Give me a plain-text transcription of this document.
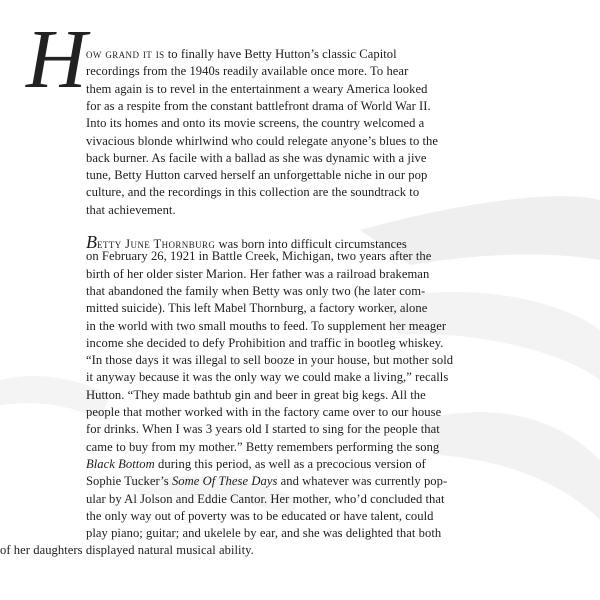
H ow grand it is to finally have Betty Hutton’s classic Capitol
recordings from the 1940s readily available once more. To hear
them again is to revel in the entertainment a weary America looked
for as a respite from the constant battlefront drama of World War II.
Into its homes and onto its movie screens, the country welcomed a
vivacious blonde whirlwind who could relegate anyone’s blues to the
back burner. As facile with a ballad as she was dynamic with a jive
tune, Betty Hutton carved herself an unforgettable niche in our pop
culture, and the recordings in this collection are the soundtrack to
that achievement.
Betty June Thornburg was born into difficult circumstances
on February 26, 1921 in Battle Creek, Michigan, two years after the
birth of her older sister Marion. Her father was a railroad brakeman
that abandoned the family when Betty was only two (he later com-
mitted suicide). This left Mabel Thornburg, a factory worker, alone
in the world with two small mouths to feed. To supplement her meager
income she decided to defy Prohibition and traffic in bootleg whiskey.
“In those days it was illegal to sell booze in your house, but mother sold
it anyway because it was the only way we could make a living,” recalls
Hutton. “They made bathtub gin and beer in great big kegs. All the
people that mother worked with in the factory came over to our house
for drinks. When I was 3 years old I started to sing for the people that
came to buy from my mother.” Betty remembers performing the song
Black Bottom during this period, as well as a precocious version of
Sophie Tucker’s Some Of These Days and whatever was currently pop-
ular by Al Jolson and Eddie Cantor. Her mother, who’d concluded that
the only way out of poverty was to be educated or have talent, could
play piano; guitar; and ukelele by ear, and she was delighted that both
of her daughters displayed natural musical ability.
